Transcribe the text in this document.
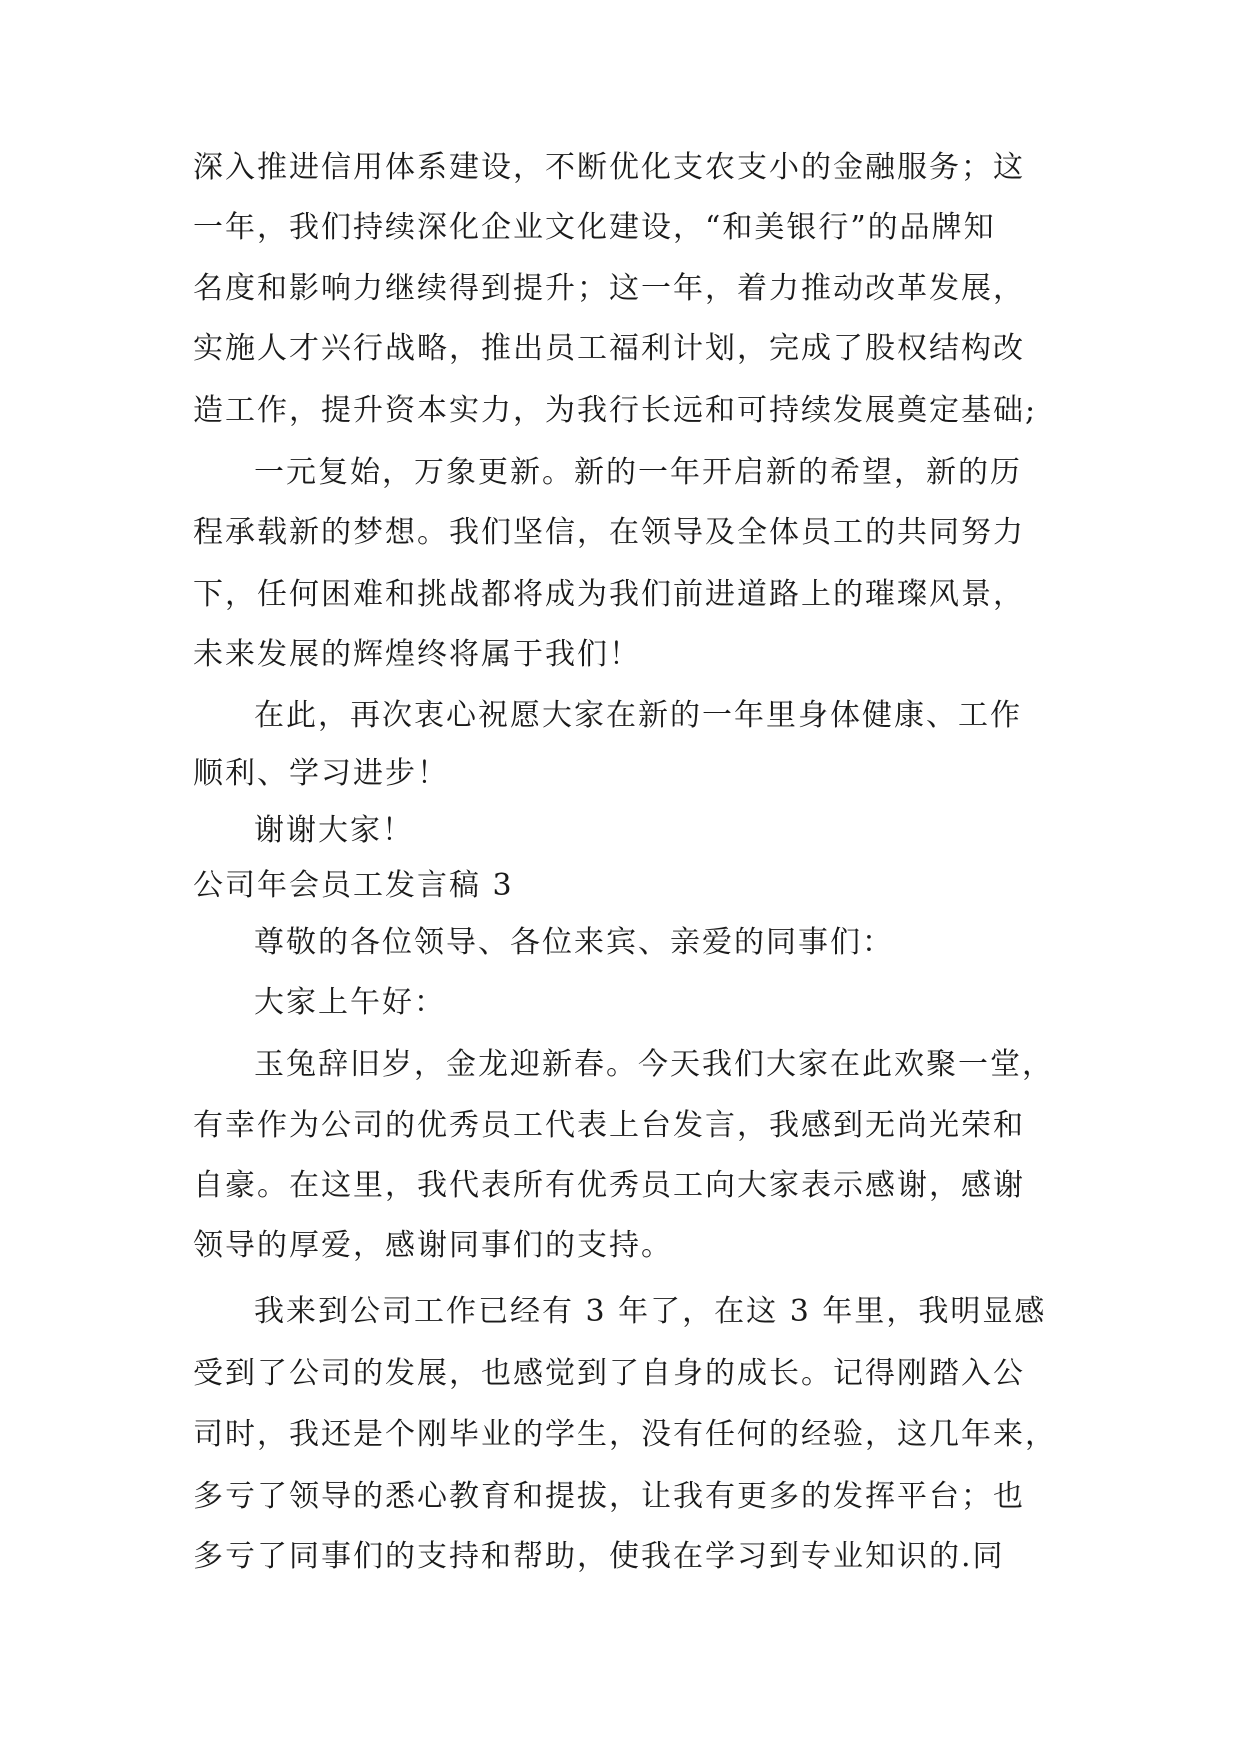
深入推进信用体系建设，不断优化支农支小的金融服务；这
一年，我们持续深化企业文化建设，“和美银行”的品牌知
名度和影响力继续得到提升；这一年，着力推动改革发展，
实施人才兴行战略，推出员工福利计划，完成了股权结构改
造工作，提升资本实力，为我行长远和可持续发展奠定基础;
一元复始，万象更新。新的一年开启新的希望，新的历
程承载新的梦想。我们坚信，在领导及全体员工的共同努力
下，任何困难和挑战都将成为我们前进道路上的璀璨风景，
未来发展的辉煌终将属于我们！
在此，再次衷心祝愿大家在新的一年里身体健康、工作
顺利、学习进步！
谢谢大家！
公司年会员工发言稿 3
尊敬的各位领导、各位来宾、亲爱的同事们：
大家上午好：
玉兔辞旧岁，金龙迎新春。今天我们大家在此欢聚一堂，
有幸作为公司的优秀员工代表上台发言，我感到无尚光荣和
自豪。在这里，我代表所有优秀员工向大家表示感谢，感谢
领导的厚爱，感谢同事们的支持。
我来到公司工作已经有 3 年了，在这 3 年里，我明显感
受到了公司的发展，也感觉到了自身的成长。记得刚踏入公
司时，我还是个刚毕业的学生，没有任何的经验，这几年来，
多亏了领导的悉心教育和提拔，让我有更多的发挥平台；也
多亏了同事们的支持和帮助，使我在学习到专业知识的.同
